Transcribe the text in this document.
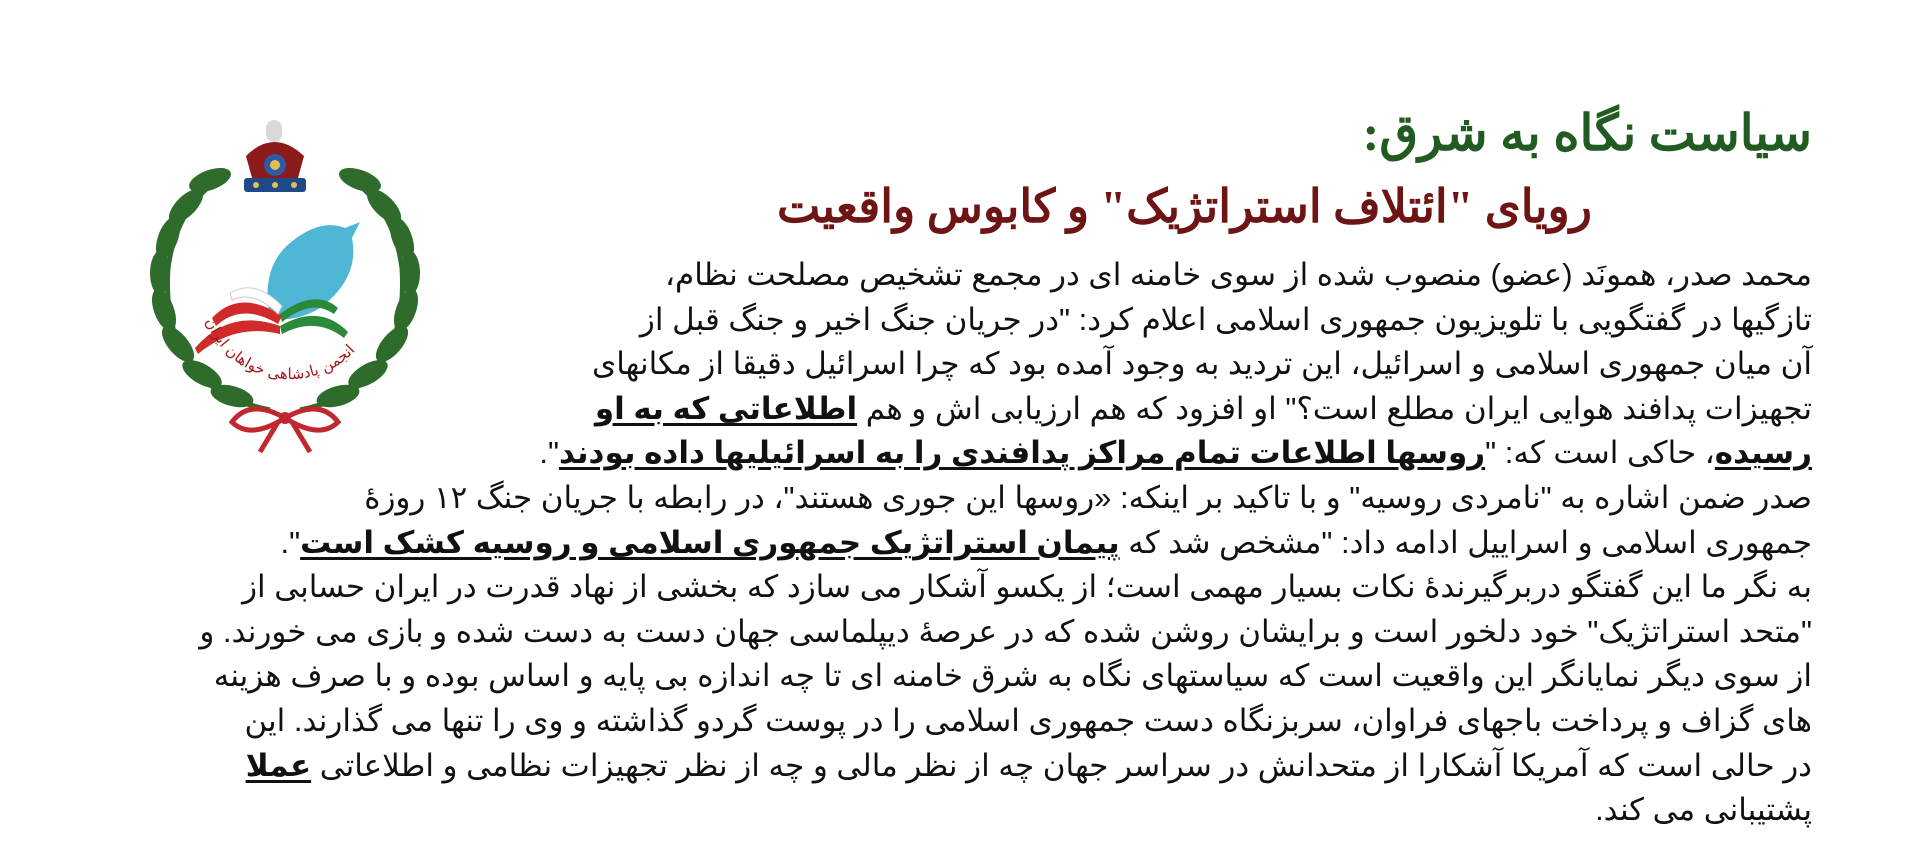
انجمن پادشاهی خواهان ایران
سیاست نگاه به شرق:
رویای "ائتلاف استراتژیک" و کابوس واقعیت
محمد صدر، همونَد (عضو) منصوب شده از سوی خامنه ای در مجمع تشخیص مصلحت نظام،
تازگیها در گفتگویی با تلویزیون جمهوری اسلامی اعلام کرد: "در جریان جنگ اخیر و جنگ قبل از
آن میان جمهوری اسلامی و اسرائیل، این تردید به وجود آمده بود که چرا اسرائیل دقیقا از مکانهای
تجهیزات پدافند هوایی ایران مطلع است؟" او افزود که هم ارزیابی اش و هم اطلاعاتی که به او
رسیده، حاکی است که: "روسها اطلاعات تمام مراکز پدافندی را به اسرائیلیها داده بودند".
صدر ضمن اشاره به "نامردی روسیه" و با تاکید بر اینکه: «روسها این جوری هستند"، در رابطه با جریان جنگ ۱۲ روزهٔ
جمهوری اسلامی و اسراییل ادامه داد: "مشخص شد که پیمان استراتژیک جمهوری اسلامی و روسیه کشک است".
به نگر ما این گفتگو دربرگیرندهٔ نکات بسیار مهمی است؛ از یکسو آشکار می سازد که بخشی از نهاد قدرت در ایران حسابی از
"متحد استراتژیک" خود دلخور است و برایشان روشن شده که در عرصهٔ دیپلماسی جهان دست به دست شده و بازی می خورند. و
از سوی دیگر نمایانگر این واقعیت است که سیاستهای نگاه به شرق خامنه ای تا چه اندازه بی پایه و اساس بوده و با صرف هزینه
های گزاف و پرداخت باجهای فراوان، سربزنگاه دست جمهوری اسلامی را در پوست گردو گذاشته و وی را تنها می گذارند. این
در حالی است که آمریکا آشکارا از متحدانش در سراسر جهان چه از نظر مالی و چه از نظر تجهیزات نظامی و اطلاعاتی عملا
پشتیبانی می کند.
